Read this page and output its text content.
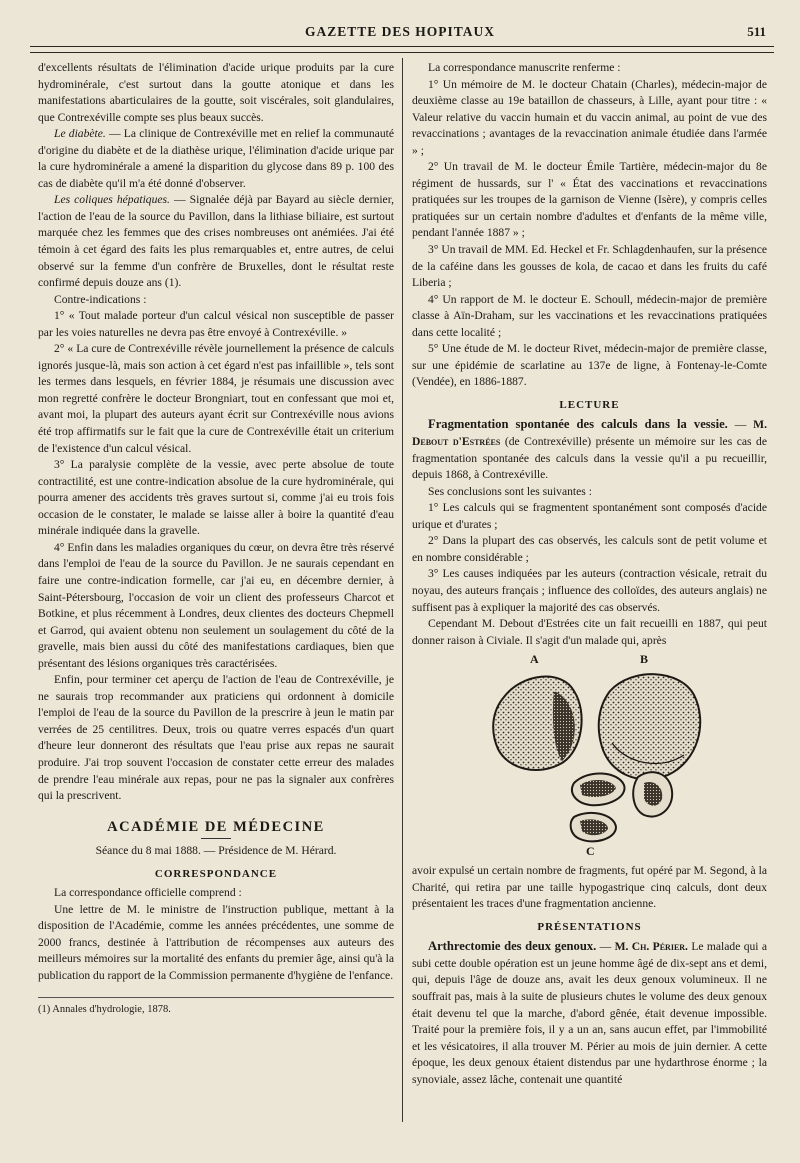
GAZETTE DES HOPITAUX	511

d'excellents résultats de l'élimination d'acide urique produits par la cure hydrominérale, c'est surtout dans la goutte atonique et dans les manifestations abarticulaires de la goutte, soit viscérales, soit glandulaires, que Contrexéville compte ses plus beaux succès.

Le diabète. — La clinique de Contrexéville met en relief la communauté d'origine du diabète et de la diathèse urique, l'élimination d'acide urique par la cure hydrominérale a amené la disparition du glycose dans 89 p. 100 des cas de diabète qu'il m'a été donné d'observer.

Les coliques hépatiques. — Signalée déjà par Bayard au siècle dernier, l'action de l'eau de la source du Pavillon, dans la lithiase biliaire, est surtout marquée chez les femmes que des crises nombreuses ont anémiées. J'ai été témoin à cet égard des faits les plus remarquables et, entre autres, de celui observé sur la femme d'un confrère de Bruxelles, dont le résultat reste confirmé depuis douze ans (1).

Contre-indications :

1° « Tout malade porteur d'un calcul vésical non susceptible de passer par les voies naturelles ne devra pas être envoyé à Contrexéville. »

2° « La cure de Contrexéville révèle journellement la présence de calculs ignorés jusque-là, mais son action à cet égard n'est pas infaillible », tels sont les termes dans lesquels, en février 1884, je résumais une discussion avec mon regretté confrère le docteur Brongniart, tout en confessant que moi et, avant moi, la plupart des auteurs ayant écrit sur Contrexéville nous avions été trop affirmatifs sur le fait que la cure de Contrexéville était un criterium de l'existence d'un calcul vésical.

3° La paralysie complète de la vessie, avec perte absolue de toute contractilité, est une contre-indication absolue de la cure hydrominérale, qui pourra amener des accidents très graves surtout si, comme j'ai eu trois fois occasion de le constater, le malade se laisse aller à boire la quantité d'eau minérale indiquée dans la gravelle.

4° Enfin dans les maladies organiques du cœur, on devra être très réservé dans l'emploi de l'eau de la source du Pavillon. Je ne saurais cependant en faire une contre-indication formelle, car j'ai eu, en décembre dernier, à Saint-Pétersbourg, l'occasion de voir un client des professeurs Charcot et Botkine, et plus récemment à Londres, deux clientes des docteurs Chepmell et Garrod, qui avaient obtenu non seulement un soulagement du côté de la gravelle, mais bien aussi du côté des manifestations cardiaques, bien que présentant des lésions organiques très caractérisées.

Enfin, pour terminer cet aperçu de l'action de l'eau de Contrexéville, je ne saurais trop recommander aux praticiens qui ordonnent à domicile l'emploi de l'eau de la source du Pavillon de la prescrire à jeun le matin par verrées de 25 centilitres. Deux, trois ou quatre verres espacés d'un quart d'heure leur donneront des résultats que l'eau prise aux repas ne saurait produire. J'ai trop souvent l'occasion de constater cette erreur des malades de prendre l'eau minérale aux repas, pour ne pas la signaler aux confrères qui la prescrivent.

ACADÉMIE DE MÉDECINE

Séance du 8 mai 1888. — Présidence de M. Hérard.

CORRESPONDANCE

La correspondance officielle comprend :

Une lettre de M. le ministre de l'instruction publique, mettant à la disposition de l'Académie, comme les années précédentes, une somme de 2000 francs, destinée à l'attribution de récompenses aux auteurs des meilleurs mémoires sur la mortalité des enfants du premier âge, ainsi qu'à la publication du rapport de la Commission permanente d'hygiène de l'enfance.

(1) Annales d'hydrologie, 1878.

La correspondance manuscrite renferme :

1° Un mémoire de M. le docteur Chatain (Charles), médecin-major de deuxième classe au 19e bataillon de chasseurs, à Lille, ayant pour titre : « Valeur relative du vaccin humain et du vaccin animal, au point de vue des revaccinations ; avantages de la revaccination animale étudiée dans l'armée » ;

2° Un travail de M. le docteur Émile Tartière, médecin-major du 8e régiment de hussards, sur l' « État des vaccinations et revaccinations pratiquées sur les troupes de la garnison de Vienne (Isère), y compris celles pratiquées sur un certain nombre d'adultes et d'enfants de la même ville, pendant l'année 1887 » ;

3° Un travail de MM. Ed. Heckel et Fr. Schlagdenhaufen, sur la présence de la caféine dans les gousses de kola, de cacao et dans les fruits du café Liberia ;

4° Un rapport de M. le docteur E. Schoull, médecin-major de première classe à Aïn-Draham, sur les vaccinations et les revaccinations pratiquées dans cette localité ;

5° Une étude de M. le docteur Rivet, médecin-major de première classe, sur une épidémie de scarlatine au 137e de ligne, à Fontenay-le-Comte (Vendée), en 1886-1887.

LECTURE

Fragmentation spontanée des calculs dans la vessie. — M. Debout d'Estrées (de Contrexéville) présente un mémoire sur les cas de fragmentation spontanée des calculs dans la vessie qu'il a pu recueillir, depuis 1868, à Contrexéville.

Ses conclusions sont les suivantes :

1° Les calculs qui se fragmentent spontanément sont composés d'acide urique et d'urates ;

2° Dans la plupart des cas observés, les calculs sont de petit volume et en nombre considérable ;

3° Les causes indiquées par les auteurs (contraction vésicale, retrait du noyau, des auteurs français ; influence des colloïdes, des auteurs anglais) ne suffisent pas à expliquer la majorité des cas observés.

Cependant M. Debout d'Estrées cite un fait recueilli en 1887, qui peut donner raison à Civiale. Il s'agit d'un malade qui, après

A	B
C

avoir expulsé un certain nombre de fragments, fut opéré par M. Segond, à la Charité, qui retira par une taille hypogastrique cinq calculs, dont deux présentaient les traces d'une fragmentation ancienne.

PRÉSENTATIONS

Arthrectomie des deux genoux. — M. Ch. Périer. Le malade qui a subi cette double opération est un jeune homme âgé de dix-sept ans et demi, qui, depuis l'âge de douze ans, avait les deux genoux volumineux. Il ne souffrait pas, mais à la suite de plusieurs chutes le volume des deux genoux était devenu tel que la marche, d'abord gênée, était devenue impossible. Traité pour la première fois, il y a un an, sans aucun effet, par l'immobilité et les vésicatoires, il alla trouver M. Périer au mois de juin dernier. A cette époque, les deux genoux étaient distendus par une hydarthrose énorme ; la synoviale, assez lâche, contenait une quantité
